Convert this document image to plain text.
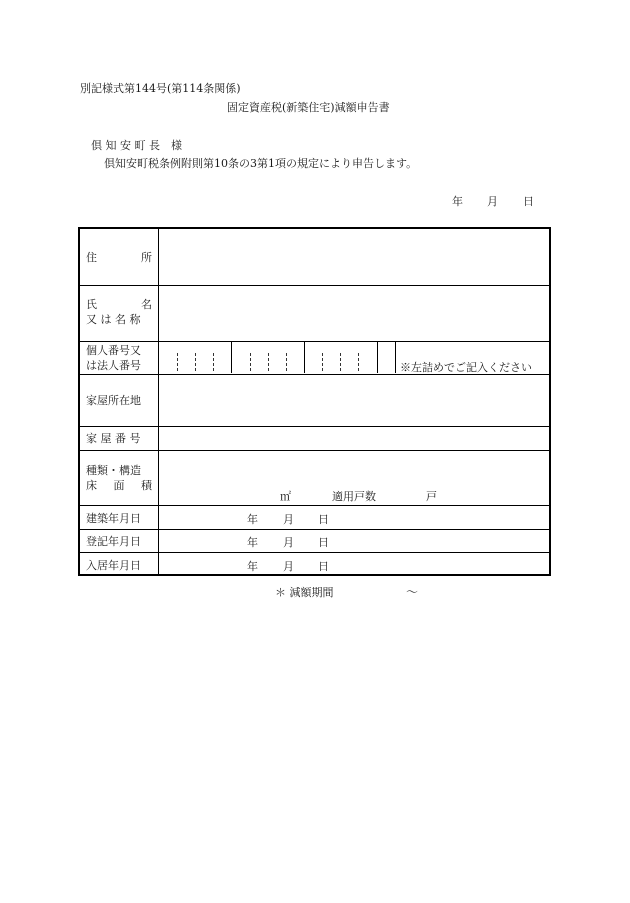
別記様式第144号(第114条関係)
固定資産税(新築住宅)減額申告書
倶 知 安 町 長　様
倶知安町税条例附則第10条の3第1項の規定により申告します。
年 月 日
住	所
氏	名
又 は 名 称
個人番号又
は法人番号	※左詰めでご記入ください
家屋所在地
家 屋 番 号
種類・構造
床 面 積
㎡	適用戸数	戸
建築年月日	年 月 日
登記年月日	年 月 日
入居年月日	年 月 日
＊ 減額期間	～
